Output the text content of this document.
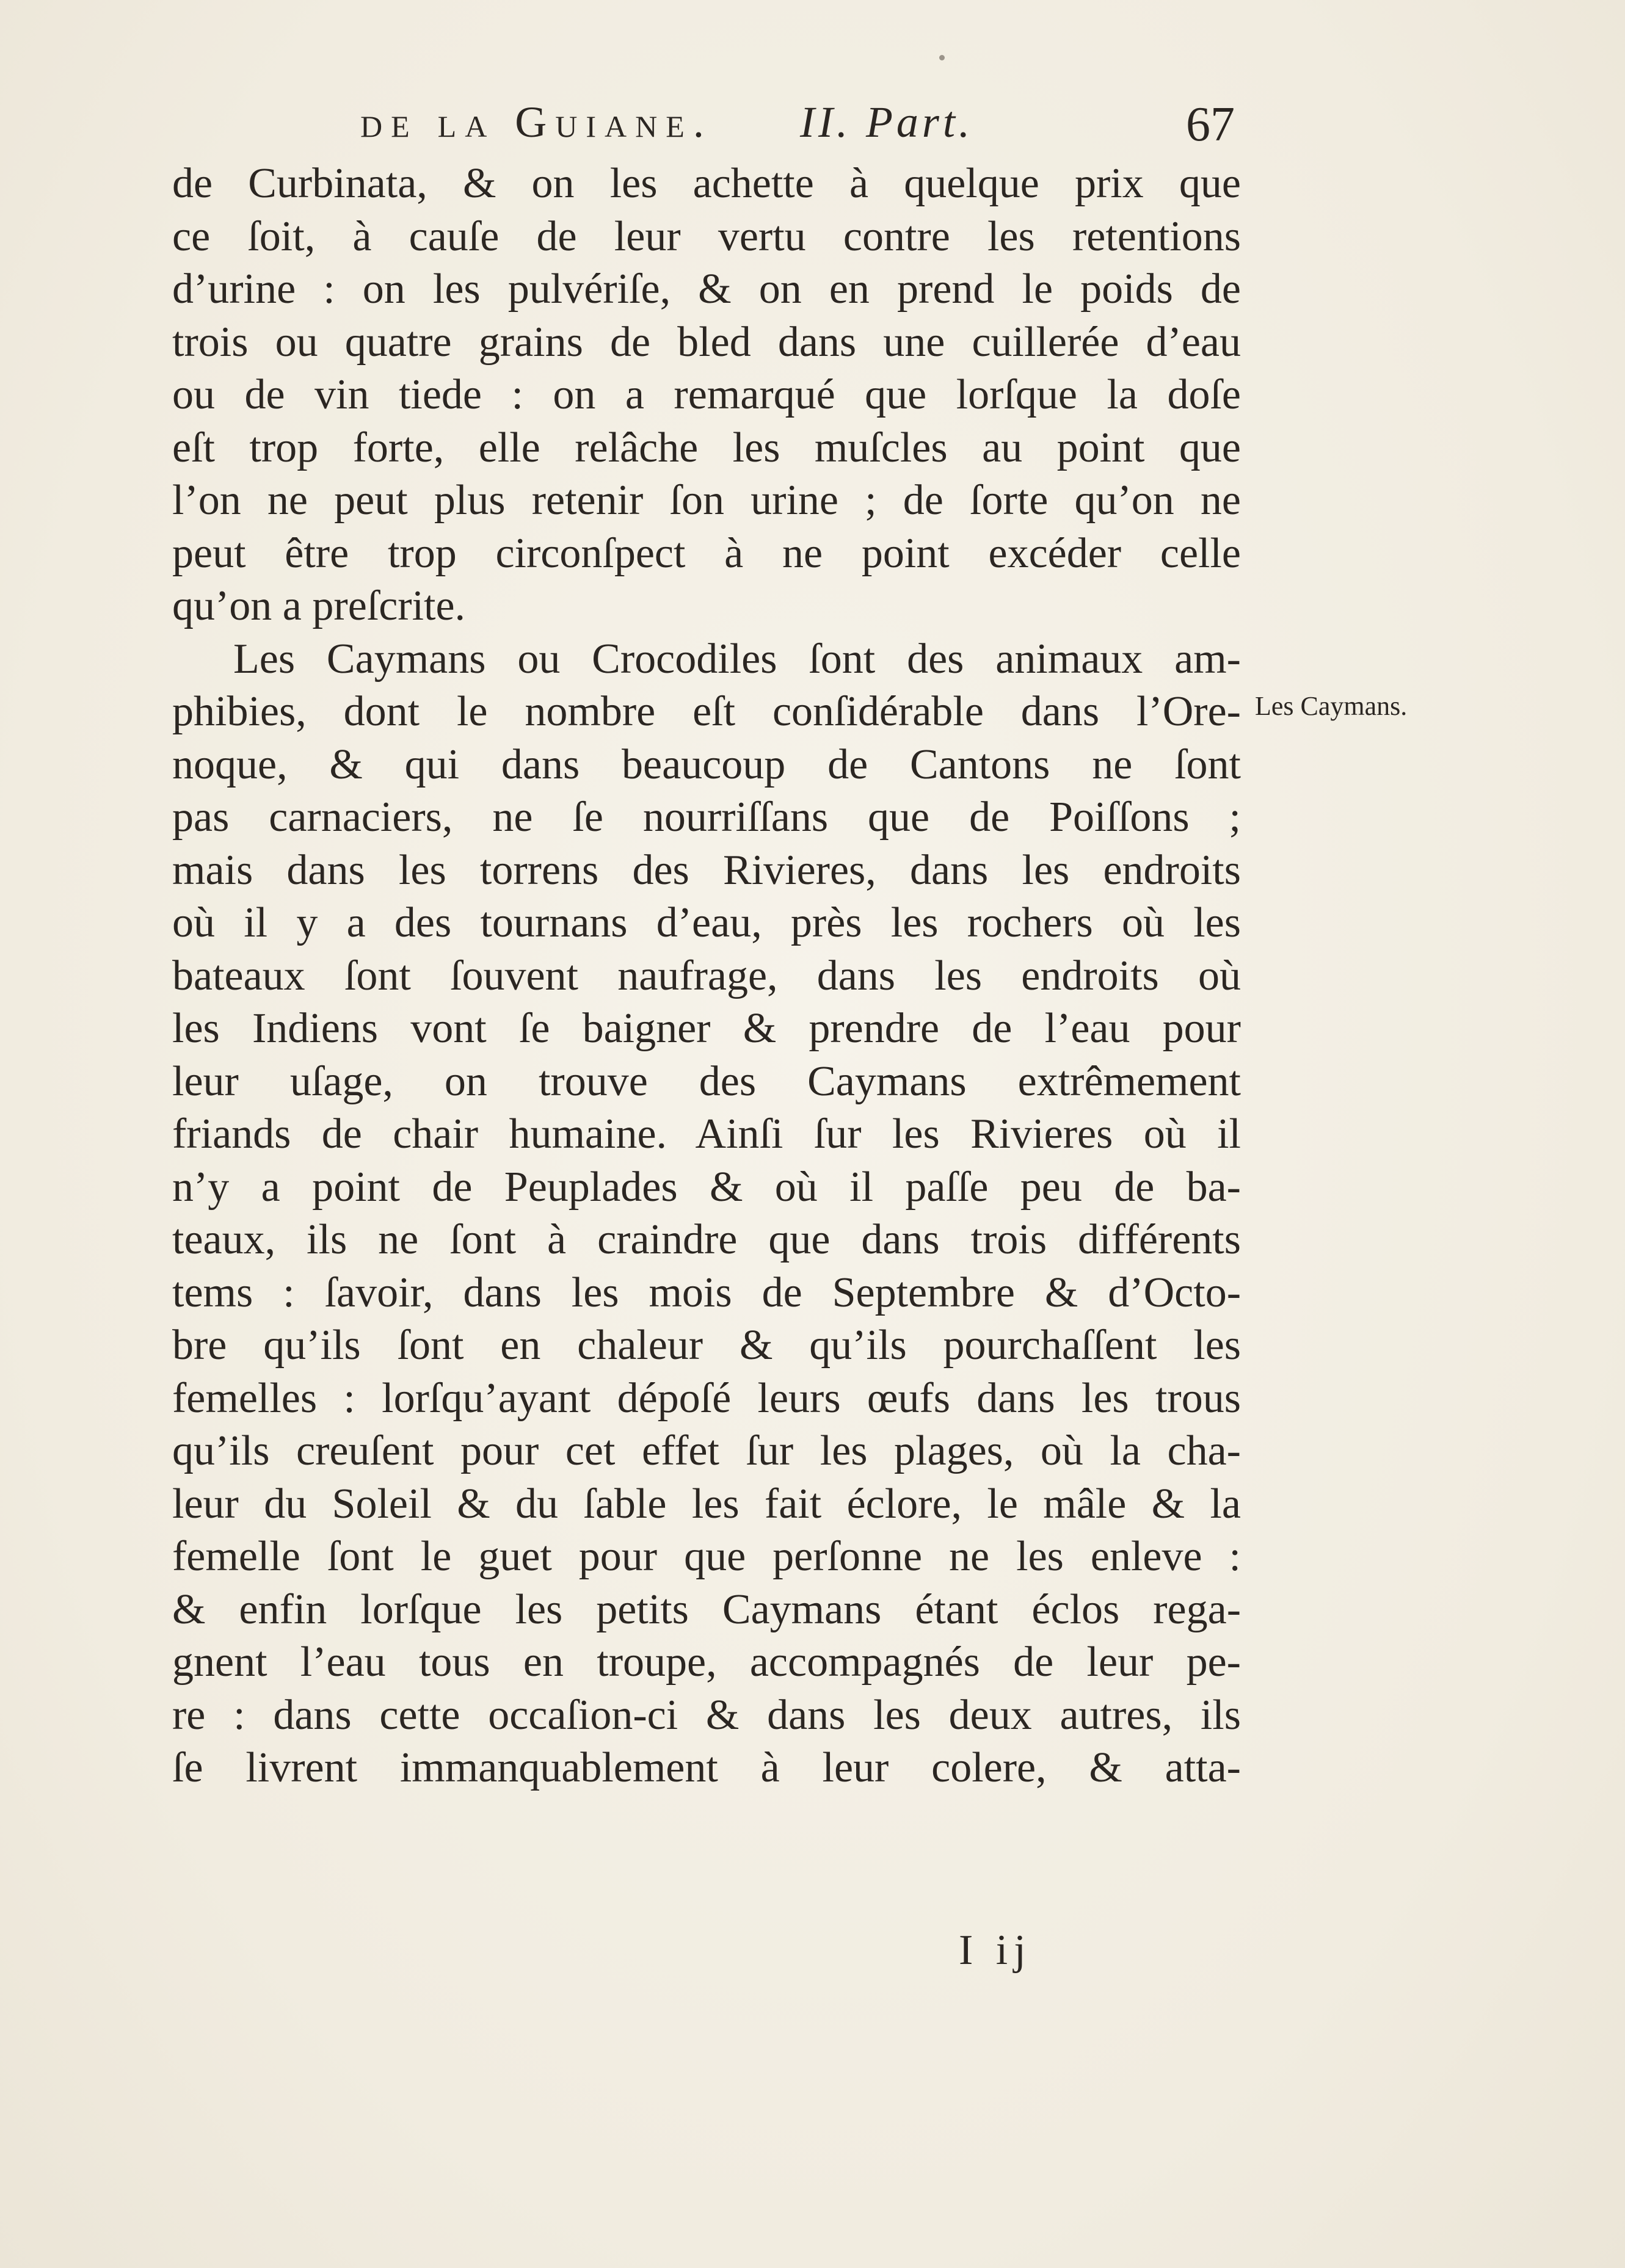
de la Guiane. II. Part.	67
de Curbinata, & on les achette à quelque prix que
ce ſoit, à cauſe de leur vertu contre les retentions
d’urine : on les pulvériſe, & on en prend le poids de
trois ou quatre grains de bled dans une cuillerée d’eau
ou de vin tiede : on a remarqué que lorſque la doſe
eſt trop forte, elle relâche les muſcles au point que
l’on ne peut plus retenir ſon urine ; de ſorte qu’on ne
peut être trop circonſpect à ne point excéder celle
qu’on a preſcrite.
Les Caymans ou Crocodiles ſont des animaux am-
phibies, dont le nombre eſt conſidérable dans l’Ore-
noque, & qui dans beaucoup de Cantons ne ſont
pas carnaciers, ne ſe nourriſſans que de Poiſſons ;
mais dans les torrens des Rivieres, dans les endroits
où il y a des tournans d’eau, près les rochers où les
bateaux ſont ſouvent naufrage, dans les endroits où
les Indiens vont ſe baigner & prendre de l’eau pour
leur uſage, on trouve des Caymans extrêmement
friands de chair humaine. Ainſi ſur les Rivieres où il
n’y a point de Peuplades & où il paſſe peu de ba-
teaux, ils ne ſont à craindre que dans trois différents
tems : ſavoir, dans les mois de Septembre & d’Octo-
bre qu’ils ſont en chaleur & qu’ils pourchaſſent les
femelles : lorſqu’ayant dépoſé leurs œufs dans les trous
qu’ils creuſent pour cet effet ſur les plages, où la cha-
leur du Soleil & du ſable les fait éclore, le mâle & la
femelle ſont le guet pour que perſonne ne les enleve :
& enfin lorſque les petits Caymans étant éclos rega-
gnent l’eau tous en troupe, accompagnés de leur pe-
re : dans cette occaſion-ci & dans les deux autres, ils
ſe livrent immanquablement à leur colere, & atta-
Les Caymans.
I ij
